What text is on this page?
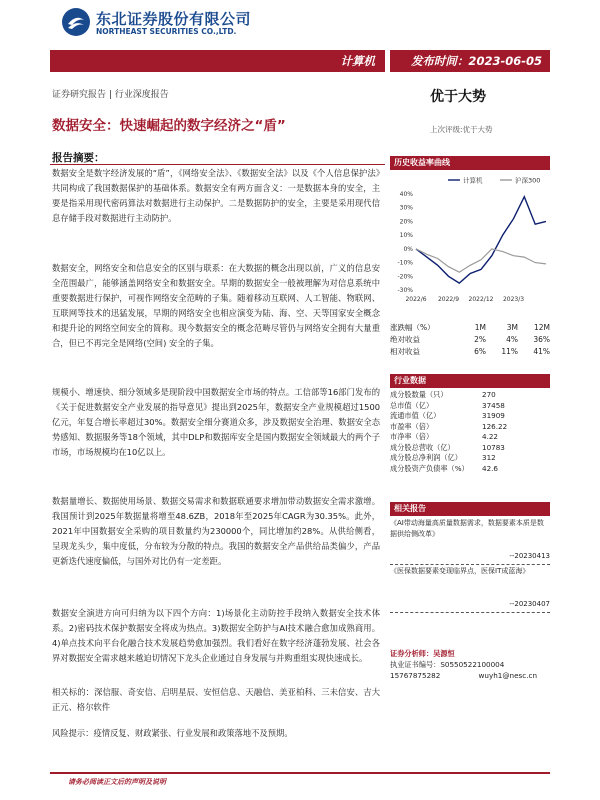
东北证券股份有限公司
NORTHEAST SECURITIES CO.,LTD.
计算机	发布时间：2023-06-05
证券研究报告 | 行业深度报告	优于大势
数据安全：快速崛起的数字经济之“盾”	上次评级:优于大势
报告摘要：
数据安全是数字经济发展的“盾”，《网络安全法》、《数据安全法》以及《个人信息保护法》共同构成了我国数据保护的基础体系。数据安全有两方面含义：一是数据本身的安全，主要是指采用现代密码算法对数据进行主动保护。二是数据防护的安全，主要是采用现代信息存储手段对数据进行主动防护。
数据安全，网络安全和信息安全的区别与联系：在大数据的概念出现以前，广义的信息安全范围最广，能够涵盖网络安全和数据安全。早期的数据安全一般被理解为对信息系统中重要数据进行保护，可视作网络安全范畴的子集。随着移动互联网、人工智能、物联网、互联网等技术的迅猛发展，早期的网络安全也相应演变为陆、海、空、天等国家安全概念和提升论的网络空间安全的简称。现今数据安全的概念范畴尽管仍与网络安全拥有大量重合，但已不再完全是网络(空间) 安全的子集。
规模小、增速快、细分领域多是现阶段中国数据安全市场的特点。工信部等16部门发布的《关于促进数据安全产业发展的指导意见》提出到2025年，数据安全产业规模超过1500亿元，年复合增长率超过30%。数据安全细分赛道众多，涉及数据安全治理、数据安全态势感知、数据服务等18个领域，其中DLP和数据库安全是国内数据安全领域最大的两个子市场，市场规模均在10亿以上。
数据量增长、数据使用场景、数据交易需求和数据联通要求增加带动数据安全需求激增。我国预计到2025年数据量将增至48.6ZB，2018年至2025年CAGR为30.35%。此外，2021年中国数据安全采购的项目数量约为230000个，同比增加约28%。从供给侧看，呈现龙头少，集中度低，分布较为分散的特点。我国的数据安全产品供给品类偏少，产品更新迭代速度偏低，与国外对比仍有一定差距。
数据安全演进方向可归纳为以下四个方向：1)场景化主动防控手段纳入数据安全技术体系。2)密码技术保护数据安全将成为热点。3)数据安全防护与AI技术融合愈加成熟商用。4)单点技术向平台化融合技术发展趋势愈加强烈。我们看好在数字经济蓬勃发展、社会各界对数据安全需求越来越迫切情况下龙头企业通过自身发展与并购重组实现快速成长。
相关标的：深信服、奇安信、启明星辰、安恒信息、天融信、美亚柏科、三未信安、吉大正元、格尔软件
风险提示：疫情反复、财政紧张、行业发展和政策落地不及预期。
历史收益率曲线
40%
30%
20%
10%
0%
-10%
-20%
-30%
2022/6 2022/9 2022/12 2023/3
计算机	沪深300
涨跌幅（%）	1M	3M	12M
绝对收益	2%	4%	36%
相对收益	6%	11%	41%
行业数据
成分股数量（只）	270
总市值（亿）	37458
流通市值（亿）	31909
市盈率（倍）	126.22
市净率（倍）	4.22
成分股总营收（亿）	10783
成分股总净利润（亿）	312
成分股资产负债率（%）	42.6
相关报告
《AI带动海量高质量数据需求，数据要素本质是数据供给侧改革》
--20230413
《医保数据要素变现临界点，医保IT成蓝海》
--20230407
证券分析师：吴源恒
执业证书编号：S0550522100004
15767875282	wuyh1@nesc.cn
请务必阅读正文后的声明及说明
